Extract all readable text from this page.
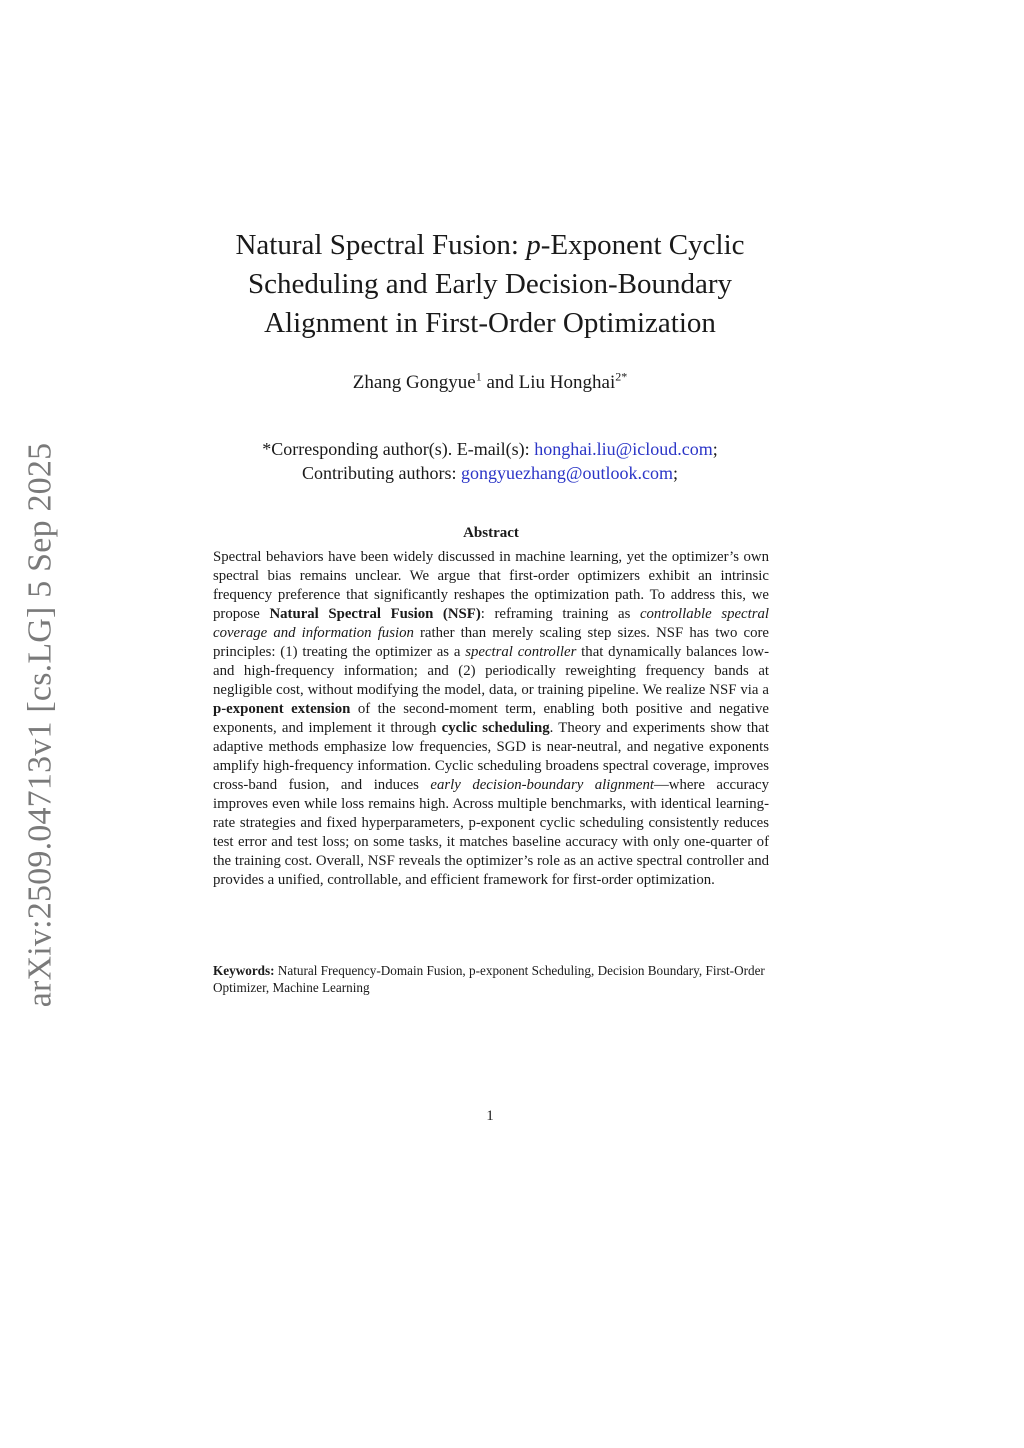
arXiv:2509.04713v1 [cs.LG] 5 Sep 2025
Natural Spectral Fusion: p-Exponent Cyclic
Scheduling and Early Decision-Boundary
Alignment in First-Order Optimization
Zhang Gongyue$^1$ and Liu Honghai$^{2*}$
*Corresponding author(s). E-mail(s): honghai.liu@icloud.com;
Contributing authors: gongyuezhang@outlook.com;
Abstract

Spectral behaviors have been widely discussed in machine learning, yet the optimizer’s own spectral bias remains unclear. We argue that first-order optimizers exhibit an intrinsic frequency preference that significantly reshapes the optimization path. To address this, we propose Natural Spectral Fusion (NSF): reframing training as controllable spectral coverage and information fusion rather than merely scaling step sizes. NSF has two core principles: (1) treating the optimizer as a spectral controller that dynamically balances low- and high-frequency information; and (2) periodically reweighting frequency bands at negligible cost, without modifying the model, data, or training pipeline. We realize NSF via a p-exponent extension of the second-moment term, enabling both positive and negative exponents, and implement it through cyclic scheduling. Theory and experiments show that adaptive methods emphasize low frequencies, SGD is near-neutral, and negative exponents amplify high-frequency information. Cyclic scheduling broadens spectral coverage, improves cross-band fusion, and induces early decision-boundary alignment—where accuracy improves even while loss remains high. Across multiple benchmarks, with identical learning-rate strategies and fixed hyperparameters, p-exponent cyclic scheduling consistently reduces test error and test loss; on some tasks, it matches baseline accuracy with only one-quarter of the training cost. Overall, NSF reveals the optimizer’s role as an active spectral controller and provides a unified, controllable, and efficient framework for first-order optimization.

Keywords: Natural Frequency-Domain Fusion, p-exponent Scheduling, Decision Boundary, First-Order Optimizer, Machine Learning

1
